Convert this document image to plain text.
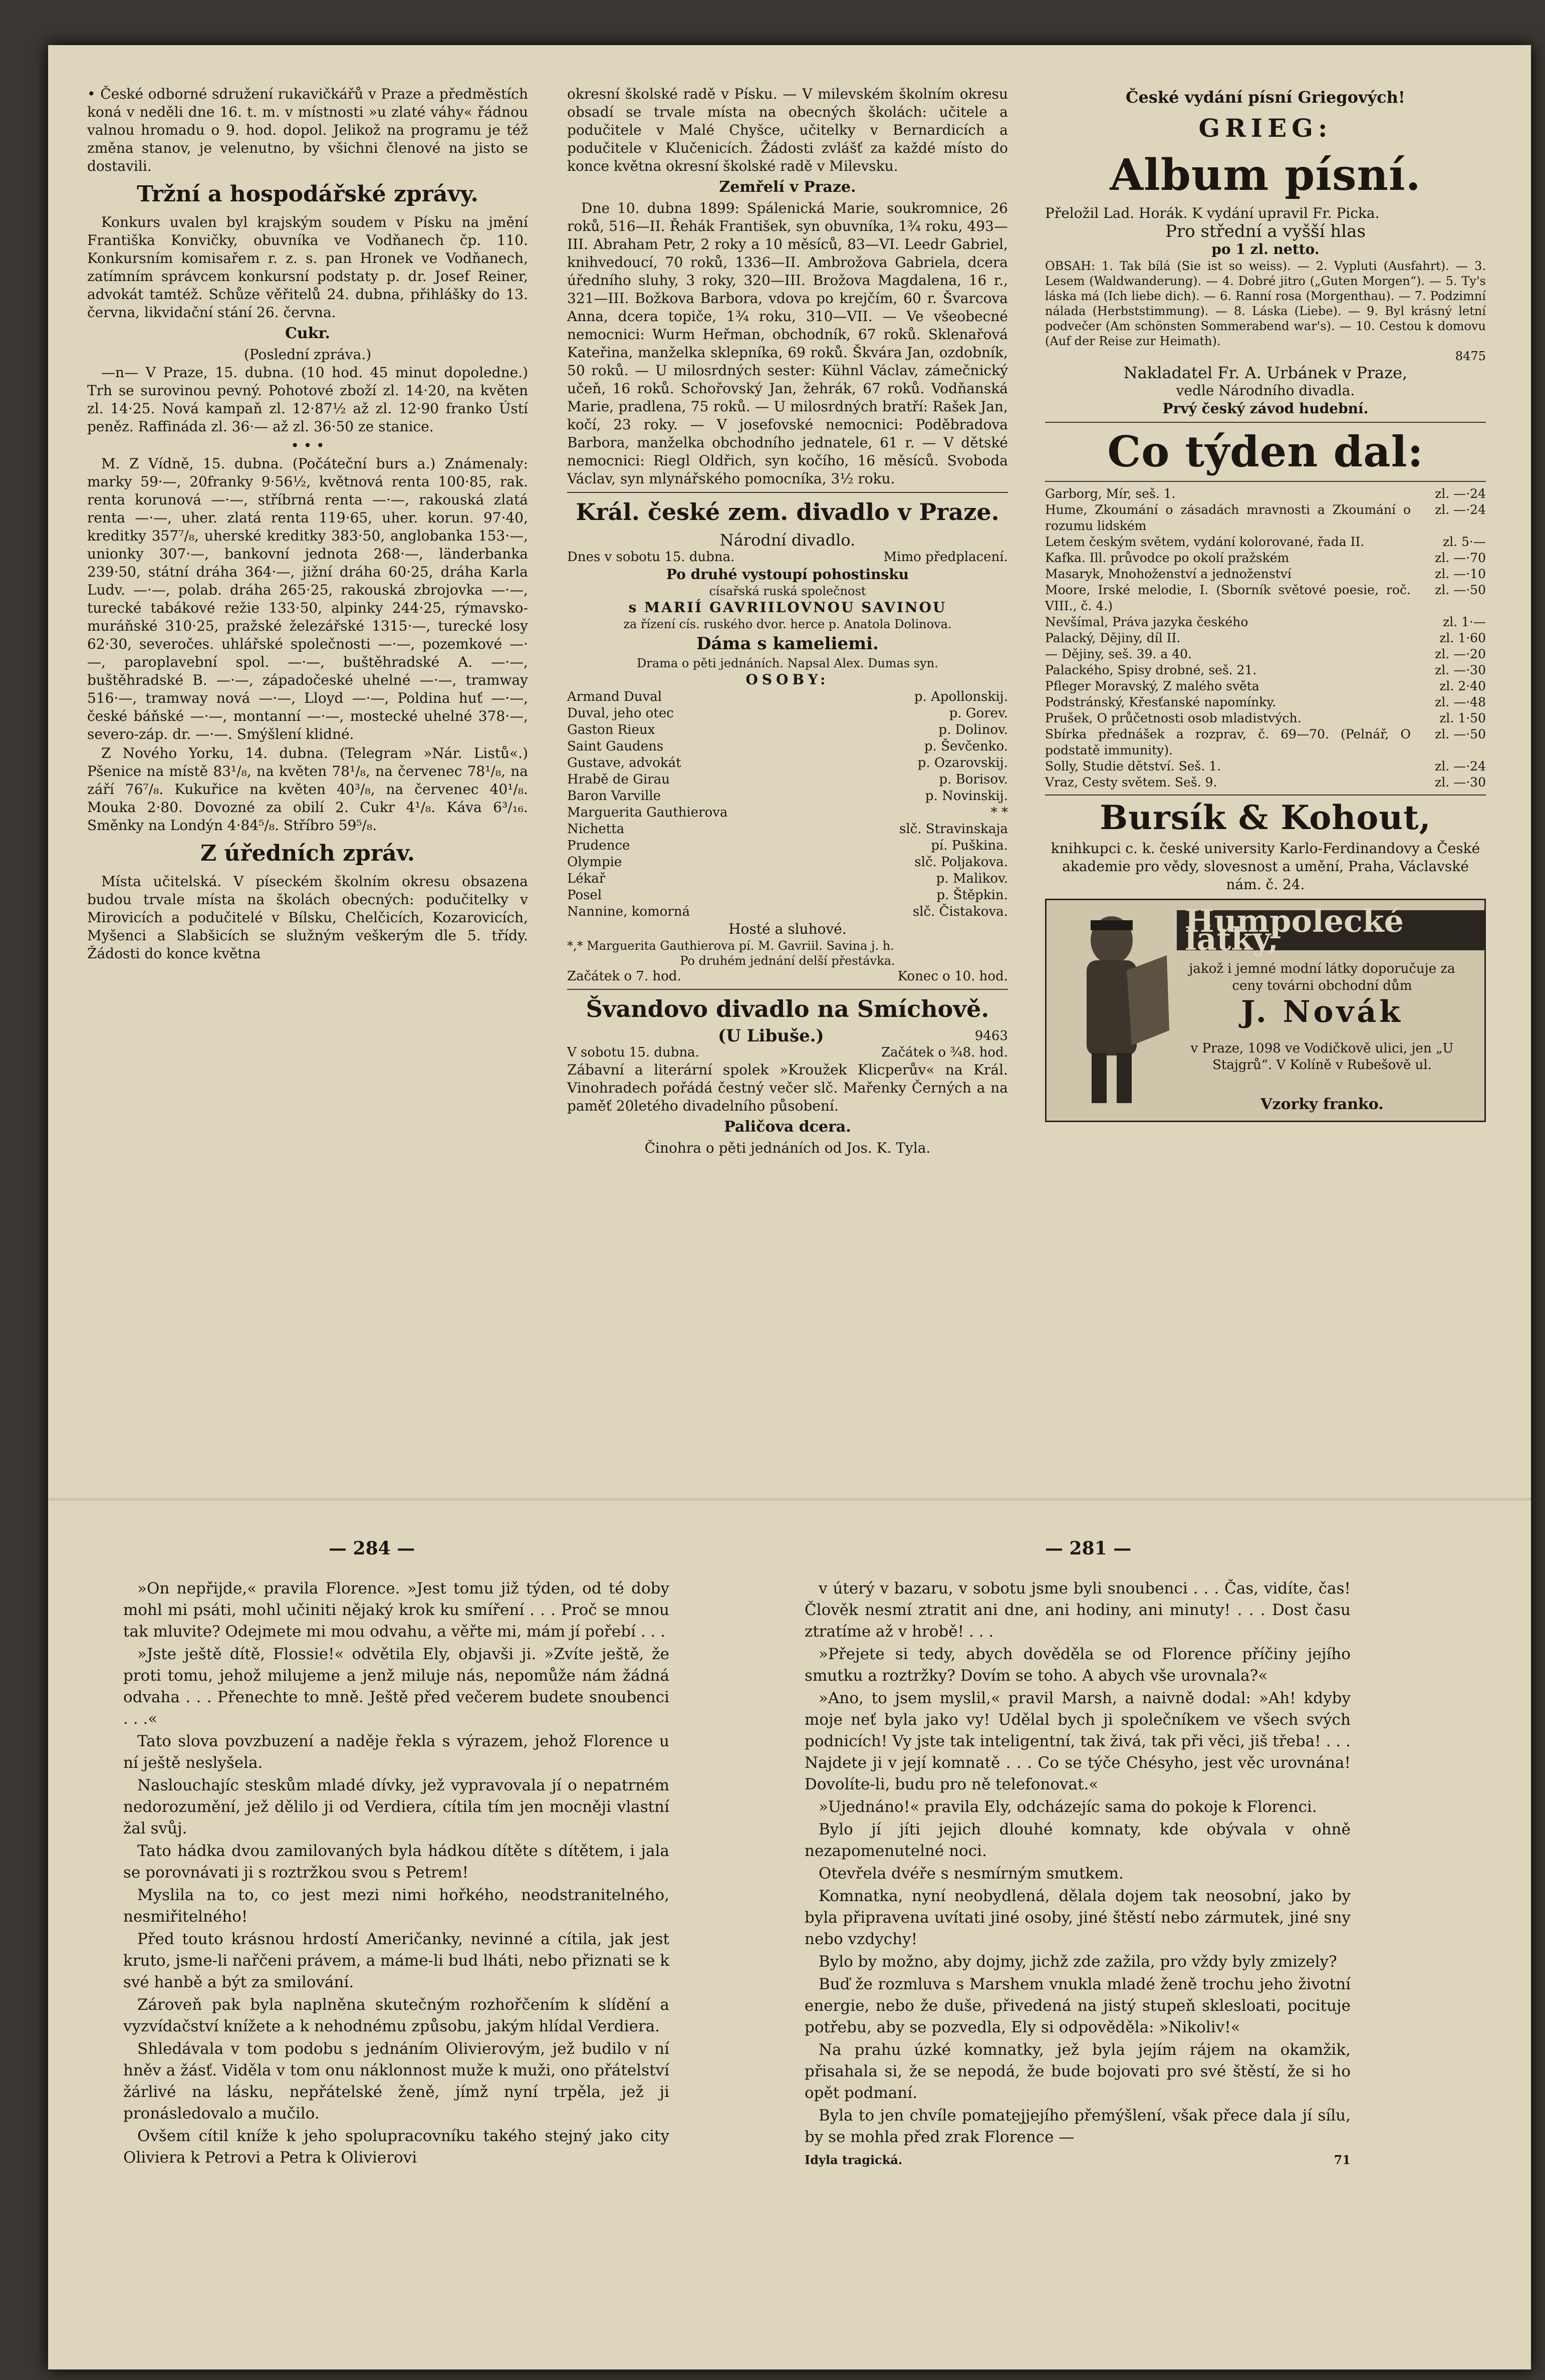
• České odborné sdružení rukavičkářů v Praze a předměstích koná v neděli dne 16. t. m. v místnosti »u zlaté váhy« řádnou valnou hromadu o 9. hod. dopol. Jelikož na programu je též změna stanov, je velenutno, by všichni členové na jisto se dostavili.

Tržní a hospodářské zprávy.

Konkurs uvalen byl krajským soudem v Písku na jmění Františka Konvičky, obuvníka ve Vodňanech čp. 110. Konkursním komisařem r. z. s. pan Hronek ve Vodňanech, zatímním správcem konkursní podstaty p. dr. Josef Reiner, advokát tamtéž. Schůze věřitelů 24. dubna, přihlášky do 13. června, likvidační stání 26. června.

Cukr.
(Poslední zpráva.)

—n— V Praze, 15. dubna. (10 hod. 45 minut dopoledne.) Trh se surovinou pevný. Pohotové zboží zl. 14·20, na květen zl. 14·25. Nová kampaň zl. 12·87½ až zl. 12·90 franko Ústí peněz. Raffináda zl. 36·— až zl. 36·50 ze stanice.

• • •

M. Z Vídně, 15. dubna. (Počáteční burs a.) Známenaly: marky 59·—, 20franky 9·56½, květnová renta 100·85, rak. renta korunová —·—, stříbrná renta —·—, rakouská zlatá renta —·—, uher. zlatá renta 119·65, uher. korun. 97·40, kreditky 357⁷/₈, uherské kreditky 383·50, anglobanka 153·—, unionky 307·—, bankovní jednota 268·—, länderbanka 239·50, státní dráha 364·—, jižní dráha 60·25, dráha Karla Ludv. —·—, polab. dráha 265·25, rakouská zbrojovka —·—, turecké tabákové režie 133·50, alpinky 244·25, rýmavsko-muráňské 310·25, pražské železářské 1315·—, turecké losy 62·30, severočes. uhlářské společnosti —·—, pozemkové —·—, paroplavební spol. —·—, buštěhradské A. —·—, buštěhradské B. —·—, západočeské uhelné —·—, tramway 516·—, tramway nová —·—, Lloyd —·—, Poldina huť —·—, české báňské —·—, montanní —·—, mostecké uhelné 378·—, severo-záp. dr. —·—. Smýšlení klidné.

Z Nového Yorku, 14. dubna. (Telegram »Nár. Listů«.) Pšenice na místě 83¹/₈, na květen 78¹/₈, na červenec 78¹/₈, na září 76⁷/₈. Kukuřice na květen 40³/₈, na červenec 40¹/₈. Mouka 2·80. Dovozné za obilí 2. Cukr 4¹/₈. Káva 6³/₁₆. Směnky na Londýn 4·84⁵/₈. Stříbro 59⁵/₈.

Z úředních zpráv.

Místa učitelská. V píseckém školním okresu obsazena budou trvale místa na školách obecných: podučitelky v Mirovicích a podučitelé v Bílsku, Chelčicích, Kozarovicích, Myšenci a Slabšicích se služným veškerým dle 5. třídy. Žádosti do konce května

okresní školské radě v Písku. — V milevském školním okresu obsadí se trvale místa na obecných školách: učitele a podučitele v Malé Chyšce, učitelky v Bernardicích a podučitele v Klučenicích. Žádosti zvlášť za každé místo do konce května okresní školské radě v Milevsku.

Zemřelí v Praze.

Dne 10. dubna 1899: Spálenická Marie, soukromnice, 26 roků, 516—II. Řehák František, syn obuvníka, 1¾ roku, 493—III. Abraham Petr, 2 roky a 10 měsíců, 83—VI. Leedr Gabriel, knihvedoucí, 70 roků, 1336—II. Ambrožova Gabriela, dcera úředního sluhy, 3 roky, 320—III. Brožova Magdalena, 16 r., 321—III. Božkova Barbora, vdova po krejčím, 60 r. Švarcova Anna, dcera topiče, 1¾ roku, 310—VII. — Ve všeobecné nemocnici: Wurm Heřman, obchodník, 67 roků. Sklenařová Kateřina, manželka sklepníka, 69 roků. Škvára Jan, ozdobník, 50 roků. — U milosrdných sester: Kühnl Václav, zámečnický učeň, 16 roků. Schořovský Jan, žehrák, 67 roků. Vodňanská Marie, pradlena, 75 roků. — U milosrdných bratří: Rašek Jan, kočí, 23 roky. — V josefovské nemocnici: Poděbradova Barbora, manželka obchodního jednatele, 61 r. — V dětské nemocnici: Riegl Oldřich, syn kočího, 16 měsíců. Svoboda Václav, syn mlynářského pomocníka, 3½ roku.

Král. české zem. divadlo v Praze.
Národní divadlo.
Dnes v sobotu 15. dubna.	Mimo předplacení.
Po druhé vystoupí pohostinsku
císařská ruská společnost
s MARIÍ GAVRIILOVNOU SAVINOU
za řízení cís. ruského dvor. herce p. Anatola Dolinova.
Dáma s kameliemi.
Drama o pěti jednáních. Napsal Alex. Dumas syn.
OSOBY:
Armand Duval	p. Apollonskij.
Duval, jeho otec	p. Gorev.
Gaston Rieux	p. Dolinov.
Saint Gaudens	p. Ševčenko.
Gustave, advokát	p. Ozarovskij.
Hrabě de Girau	p. Borisov.
Baron Varville	p. Novinskij.
Marguerita Gauthierova	* *
Nichetta	slč. Stravinskaja
Prudence	pí. Puškina.
Olympie	slč. Poljakova.
Lékař	p. Malikov.
Posel	p. Štěpkin.
Nannine, komorná	slč. Čistakova.
Hosté a sluhové.
*,* Marguerita Gauthierova pí. M. Gavriil. Savina j. h.
Po druhém jednání delší přestávka.
Začátek o 7. hod.	Konec o 10. hod.
Švandovo divadlo na Smíchově.
(U Libuše.)	9463
V sobotu 15. dubna.	Začátek o ¾8. hod.

Zábavní a literární spolek »Kroužek Klicperův« na Král. Vinohradech pořádá čestný večer slč. Mařenky Černých a na paměť 20letého divadelního působení.

Paličova dcera.
Činohra o pěti jednáních od Jos. K. Tyla.
České vydání písní Griegových!
GRIEG:
Album písní.
Přeložil Lad. Horák. K vydání upravil Fr. Picka.
Pro střední a vyšší hlas
po 1 zl. netto.

OBSAH: 1. Tak bílá (Sie ist so weiss). — 2. Vypluti (Ausfahrt). — 3. Lesem (Waldwanderung). — 4. Dobré jitro („Guten Morgen“). — 5. Ty's láska má (Ich liebe dich). — 6. Ranní rosa (Morgenthau). — 7. Podzimní nálada (Herbststimmung). — 8. Láska (Liebe). — 9. Byl krásný letní podvečer (Am schönsten Sommerabend war's). — 10. Cestou k domovu (Auf der Reise zur Heimath).

8475
Nakladatel Fr. A. Urbánek v Praze,
vedle Národního divadla.
Prvý český závod hudební.
Co týden dal:
Garborg, Mír, seš. 1.	zl. —·24
Hume, Zkoumání o zásadách mravnosti a Zkoumání o rozumu lidském
zl. —·24
Letem českým světem, vydání kolorované, řada II.	zl. 5·—
Kafka. Ill. průvodce po okolí pražském	zl. —·70
Masaryk, Mnohoženství a jednoženství	zl. —·10
Moore, Irské melodie, I. (Sborník světové poesie, roč. VIII., č. 4.)
zl. —·50
Nevšímal, Práva jazyka českého	zl. 1·—
Palacký, Dějiny, díl II.	zl. 1·60
— Dějiny, seš. 39. a 40.	zl. —·20
Palackého, Spisy drobné, seš. 21.	zl. —·30
Pfleger Moravský, Z malého světa	zl. 2·40
Podstránský, Křesťanské napomínky.	zl. —·48
Prušek, O průčetnosti osob mladistvých.	zl. 1·50
Sbírka přednášek a rozprav, č. 69—70. (Pelnář, O podstatě immunity).
zl. —·50
Solly, Studie dětství. Seš. 1.	zl. —·24
Vraz, Cesty světem. Seš. 9.	zl. —·30
Bursík & Kohout,

knihkupci c. k. české university Karlo-Ferdinandovy a České akademie pro vědy, slovesnost a umění, Praha, Václavské nám. č. 24.

Humpolecké látky,
jakož i jemné modní látky doporučuje za ceny továrni obchodní dům
J. Novák
v Praze, 1098 ve Vodičkově ulici, jen „U Stajgrů“. V Kolíně v Rubešově ul.
Vzorky franko.
— 284 —	— 281 —

»On nepřijde,« pravila Florence. »Jest tomu již týden, od té doby mohl mi psáti, mohl učiniti nějaký krok ku smíření . . . Proč se mnou tak mluvite? Odejmete mi mou odvahu, a věřte mi, mám jí pořebí . . .

»Jste ještě dítě, Flossie!« odvětila Ely, objavši ji. »Zvíte ještě, že proti tomu, jehož milujeme a jenž miluje nás, nepomůže nám žádná odvaha . . . Přenechte to mně. Ještě před večerem budete snoubenci . . .«

Tato slova povzbuzení a naděje řekla s výrazem, jehož Florence u ní ještě neslyšela.

Naslouchajíc steskům mladé dívky, jež vypravovala jí o nepatrném nedorozumění, jež dělilo ji od Verdiera, cítila tím jen mocněji vlastní žal svůj.

Tato hádka dvou zamilovaných byla hádkou dítěte s dítětem, i jala se porovnávati ji s roztržkou svou s Petrem!

Myslila na to, co jest mezi nimi hořkého, neodstranitelného, nesmiřitelného!

Před touto krásnou hrdostí Američanky, nevinné a cítila, jak jest kruto, jsme-li nařčeni právem, a máme-li bud lháti, nebo přiznati se k své hanbě a být za smilování.

Zároveň pak byla naplněna skutečným rozhořčením k slídění a vyzvídačství knížete a k nehodnému způsobu, jakým hlídal Verdiera.

Shledávala v tom podobu s jednáním Olivierovým, jež budilo v ní hněv a žásť. Viděla v tom onu náklonnost muže k muži, ono přátelství žárlivé na lásku, nepřátelské ženě, jímž nyní trpěla, jež ji pronásledovalo a mučilo.

Ovšem cítil kníže k jeho spolupracovníku takého stejný jako city Oliviera k Petrovi a Petra k Olivierovi

v úterý v bazaru, v sobotu jsme byli snoubenci . . . Čas, vidíte, čas! Člověk nesmí ztratit ani dne, ani hodiny, ani minuty! . . . Dost času ztratíme až v hrobě! . . .

»Přejete si tedy, abych dověděla se od Florence příčiny jejího smutku a roztržky? Dovím se toho. A abych vše urovnala?«

»Ano, to jsem myslil,« pravil Marsh, a naivně dodal: »Ah! kdyby moje neť byla jako vy! Udělal bych ji společníkem ve všech svých podnicích! Vy jste tak inteligentní, tak živá, tak při věci, jiš třeba! . . . Najdete ji v její komnatě . . . Co se týče Chésyho, jest věc urovnána! Dovolíte-li, budu pro ně telefonovat.«

»Ujednáno!« pravila Ely, odcházejíc sama do pokoje k Florenci.

Bylo jí jíti jejich dlouhé komnaty, kde obývala v ohně nezapomenutelné noci.

Otevřela dvéře s nesmírným smutkem.

Komnatka, nyní neobydlená, dělala dojem tak neosobní, jako by byla připravena uvítati jiné osoby, jiné štěstí nebo zármutek, jiné sny nebo vzdychy!

Bylo by možno, aby dojmy, jichž zde zažila, pro vždy byly zmizely?

Buď že rozmluva s Marshem vnukla mladé ženě trochu jeho životní energie, nebo že duše, přivedená na jistý stupeň sklesloati, pocituje potřebu, aby se pozvedla, Ely si odpověděla: »Nikoliv!«

Na prahu úzké komnatky, jež byla jejím rájem na okamžik, přisahala si, že se nepodá, že bude bojovati pro své štěstí, že si ho opět podmaní.

Byla to jen chvíle pomatejjejího přemýšlení, však přece dala jí sílu, by se mohla před zrak Florence —

Idyla tragická.	71
